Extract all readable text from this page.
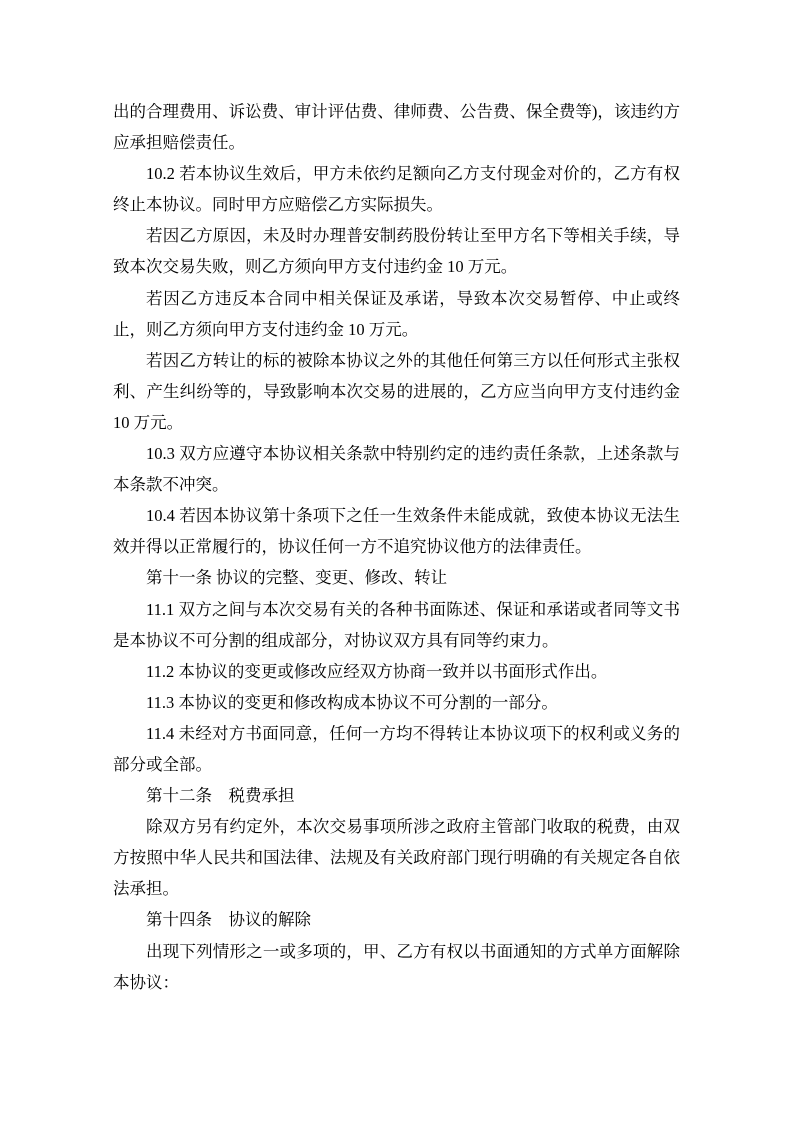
出的合理费用、诉讼费、审计评估费、律师费、公告费、保全费等)，该违约方应承担赔偿责任。

10.2 若本协议生效后，甲方未依约足额向乙方支付现金对价的，乙方有权终止本协议。同时甲方应赔偿乙方实际损失。

若因乙方原因，未及时办理普安制药股份转让至甲方名下等相关手续，导致本次交易失败，则乙方须向甲方支付违约金 10 万元。

若因乙方违反本合同中相关保证及承诺，导致本次交易暂停、中止或终止，则乙方须向甲方支付违约金 10 万元。

若因乙方转让的标的被除本协议之外的其他任何第三方以任何形式主张权利、产生纠纷等的，导致影响本次交易的进展的，乙方应当向甲方支付违约金 10 万元。

10.3 双方应遵守本协议相关条款中特别约定的违约责任条款，上述条款与本条款不冲突。

10.4 若因本协议第十条项下之任一生效条件未能成就，致使本协议无法生效并得以正常履行的，协议任何一方不追究协议他方的法律责任。

第十一条 协议的完整、变更、修改、转让

11.1 双方之间与本次交易有关的各种书面陈述、保证和承诺或者同等文书是本协议不可分割的组成部分，对协议双方具有同等约束力。

11.2 本协议的变更或修改应经双方协商一致并以书面形式作出。

11.3 本协议的变更和修改构成本协议不可分割的一部分。

11.4 未经对方书面同意，任何一方均不得转让本协议项下的权利或义务的部分或全部。

第十二条　税费承担

除双方另有约定外，本次交易事项所涉之政府主管部门收取的税费，由双方按照中华人民共和国法律、法规及有关政府部门现行明确的有关规定各自依法承担。

第十四条　协议的解除

出现下列情形之一或多项的，甲、乙方有权以书面通知的方式单方面解除本协议：
